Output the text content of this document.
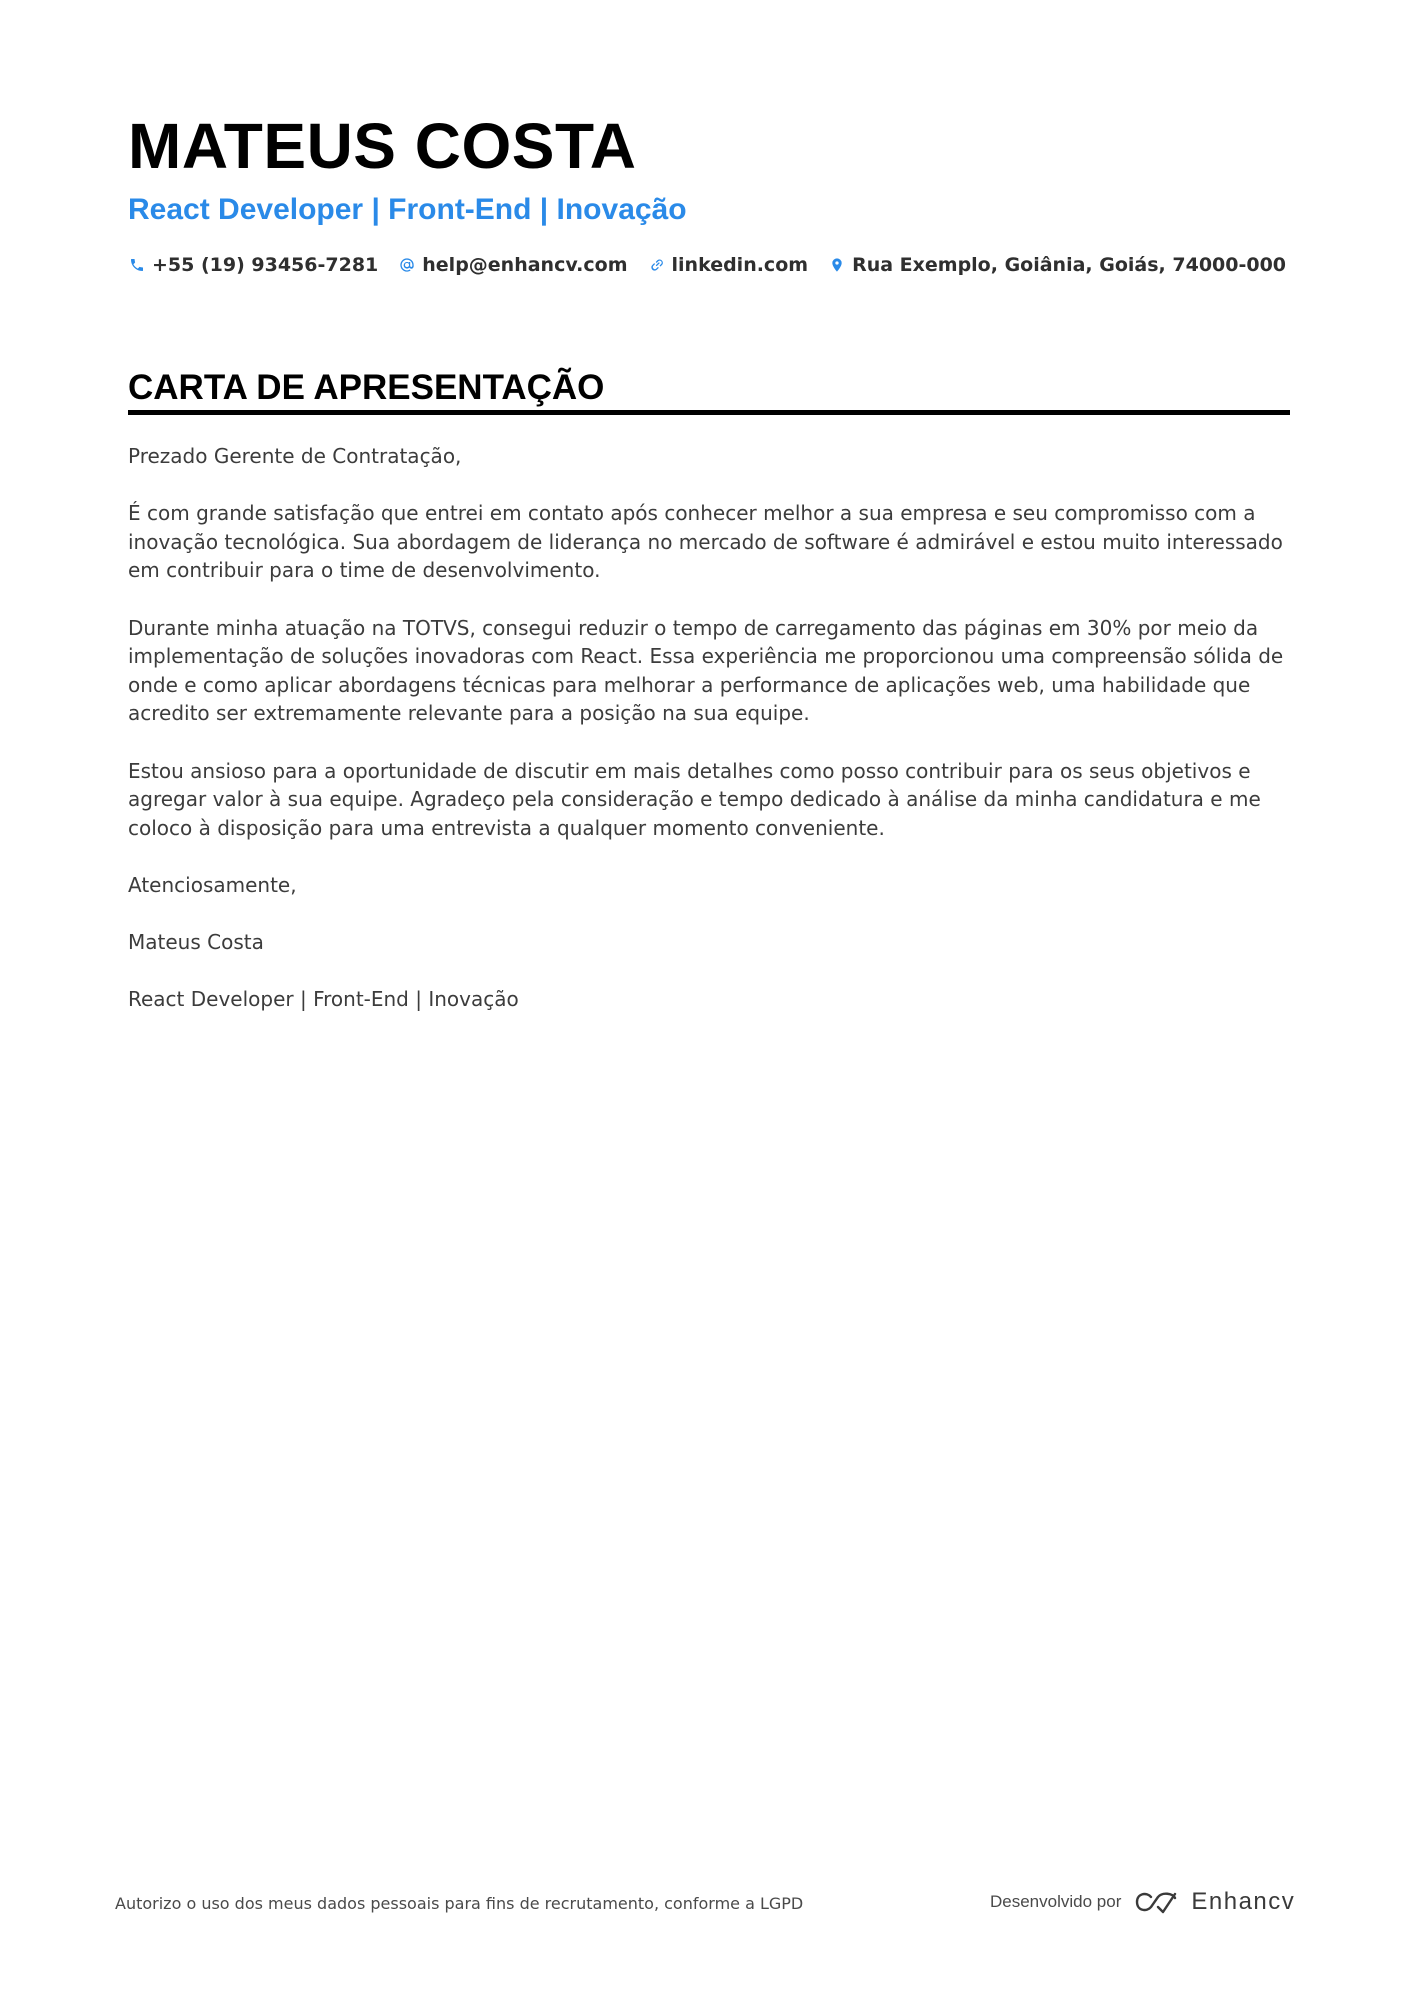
MATEUS COSTA
React Developer | Front-End | Inovação
+55 (19) 93456-7281 help@enhancv.com linkedin.com Rua Exemplo, Goiânia, Goiás, 74000-000
CARTA DE APRESENTAÇÃO

Prezado Gerente de Contratação,

É com grande satisfação que entrei em contato após conhecer melhor a sua empresa e seu compromisso com a inovação tecnológica. Sua abordagem de liderança no mercado de software é admirável e estou muito interessado em contribuir para o time de desenvolvimento.

Durante minha atuação na TOTVS, consegui reduzir o tempo de carregamento das páginas em 30% por meio da implementação de soluções inovadoras com React. Essa experiência me proporcionou uma compreensão sólida de onde e como aplicar abordagens técnicas para melhorar a performance de aplicações web, uma habilidade que acredito ser extremamente relevante para a posição na sua equipe.

Estou ansioso para a oportunidade de discutir em mais detalhes como posso contribuir para os seus objetivos e agregar valor à sua equipe. Agradeço pela consideração e tempo dedicado à análise da minha candidatura e me coloco à disposição para uma entrevista a qualquer momento conveniente.

Atenciosamente,

Mateus Costa

React Developer | Front-End | Inovação

Autorizo o uso dos meus dados pessoais para fins de recrutamento, conforme a LGPD	Desenvolvido por	Enhancv
